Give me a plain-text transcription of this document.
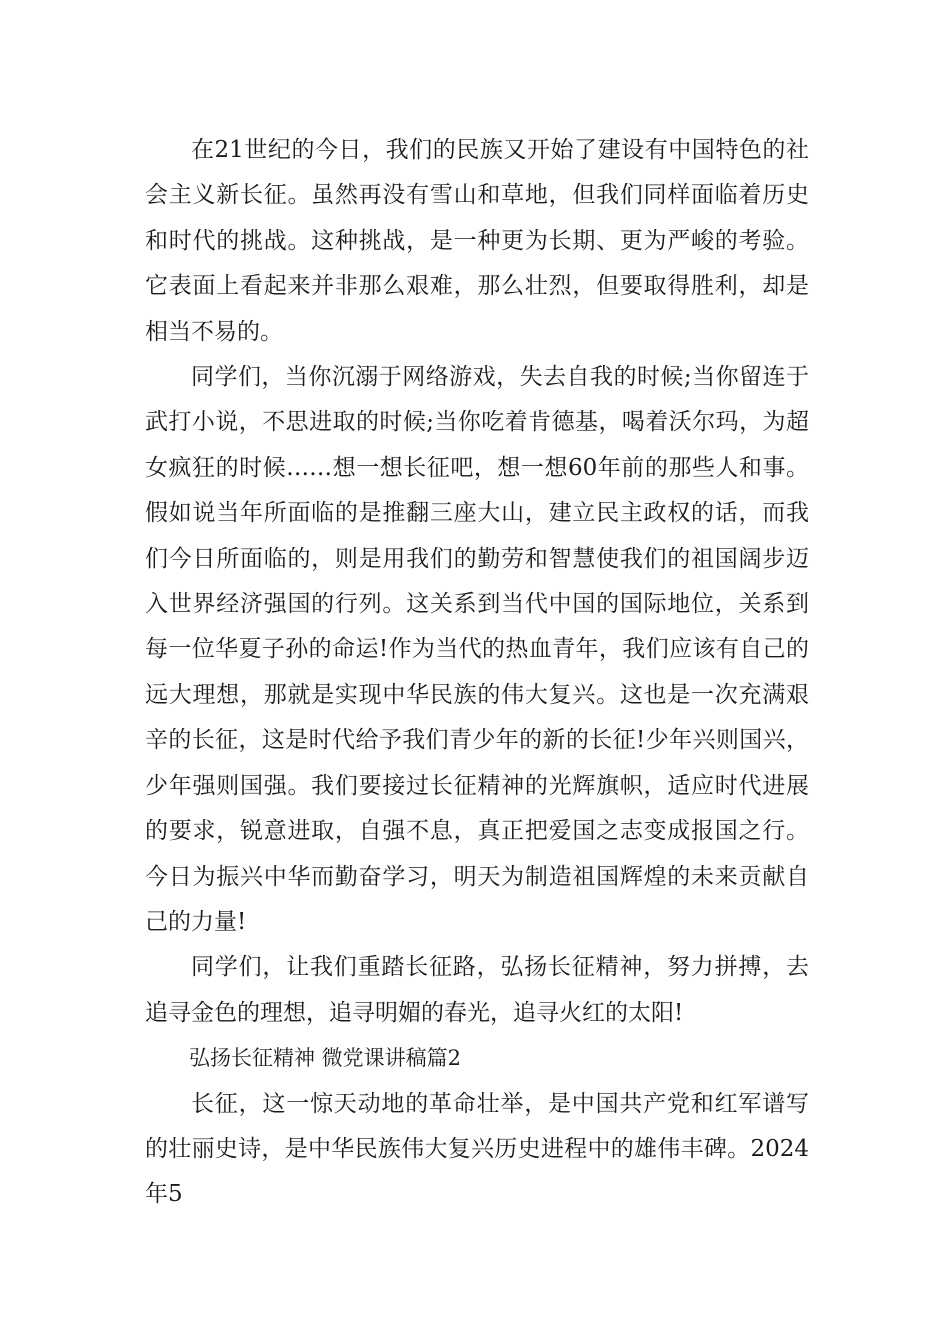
在21世纪的今日，我们的民族又开始了建设有中国特色的社会主义新长征。虽然再没有雪山和草地，但我们同样面临着历史和时代的挑战。这种挑战，是一种更为长期、更为严峻的考验。它表面上看起来并非那么艰难，那么壮烈，但要取得胜利，却是相当不易的。

同学们，当你沉溺于网络游戏，失去自我的时候;当你留连于武打小说，不思进取的时候;当你吃着肯德基，喝着沃尔玛，为超女疯狂的时候……想一想长征吧，想一想60年前的那些人和事。假如说当年所面临的是推翻三座大山，建立民主政权的话，而我们今日所面临的，则是用我们的勤劳和智慧使我们的祖国阔步迈入世界经济强国的行列。这关系到当代中国的国际地位，关系到每一位华夏子孙的命运!作为当代的热血青年，我们应该有自己的远大理想，那就是实现中华民族的伟大复兴。这也是一次充满艰辛的长征，这是时代给予我们青少年的新的长征!少年兴则国兴，少年强则国强。我们要接过长征精神的光辉旗帜，适应时代进展的要求，锐意进取，自强不息，真正把爱国之志变成报国之行。今日为振兴中华而勤奋学习，明天为制造祖国辉煌的未来贡献自己的力量!

同学们，让我们重踏长征路，弘扬长征精神，努力拼搏，去追寻金色的理想，追寻明媚的春光，追寻火红的太阳!

弘扬长征精神 微党课讲稿篇2

长征，这一惊天动地的革命壮举，是中国共产党和红军谱写的壮丽史诗，是中华民族伟大复兴历史进程中的雄伟丰碑。2024年5
